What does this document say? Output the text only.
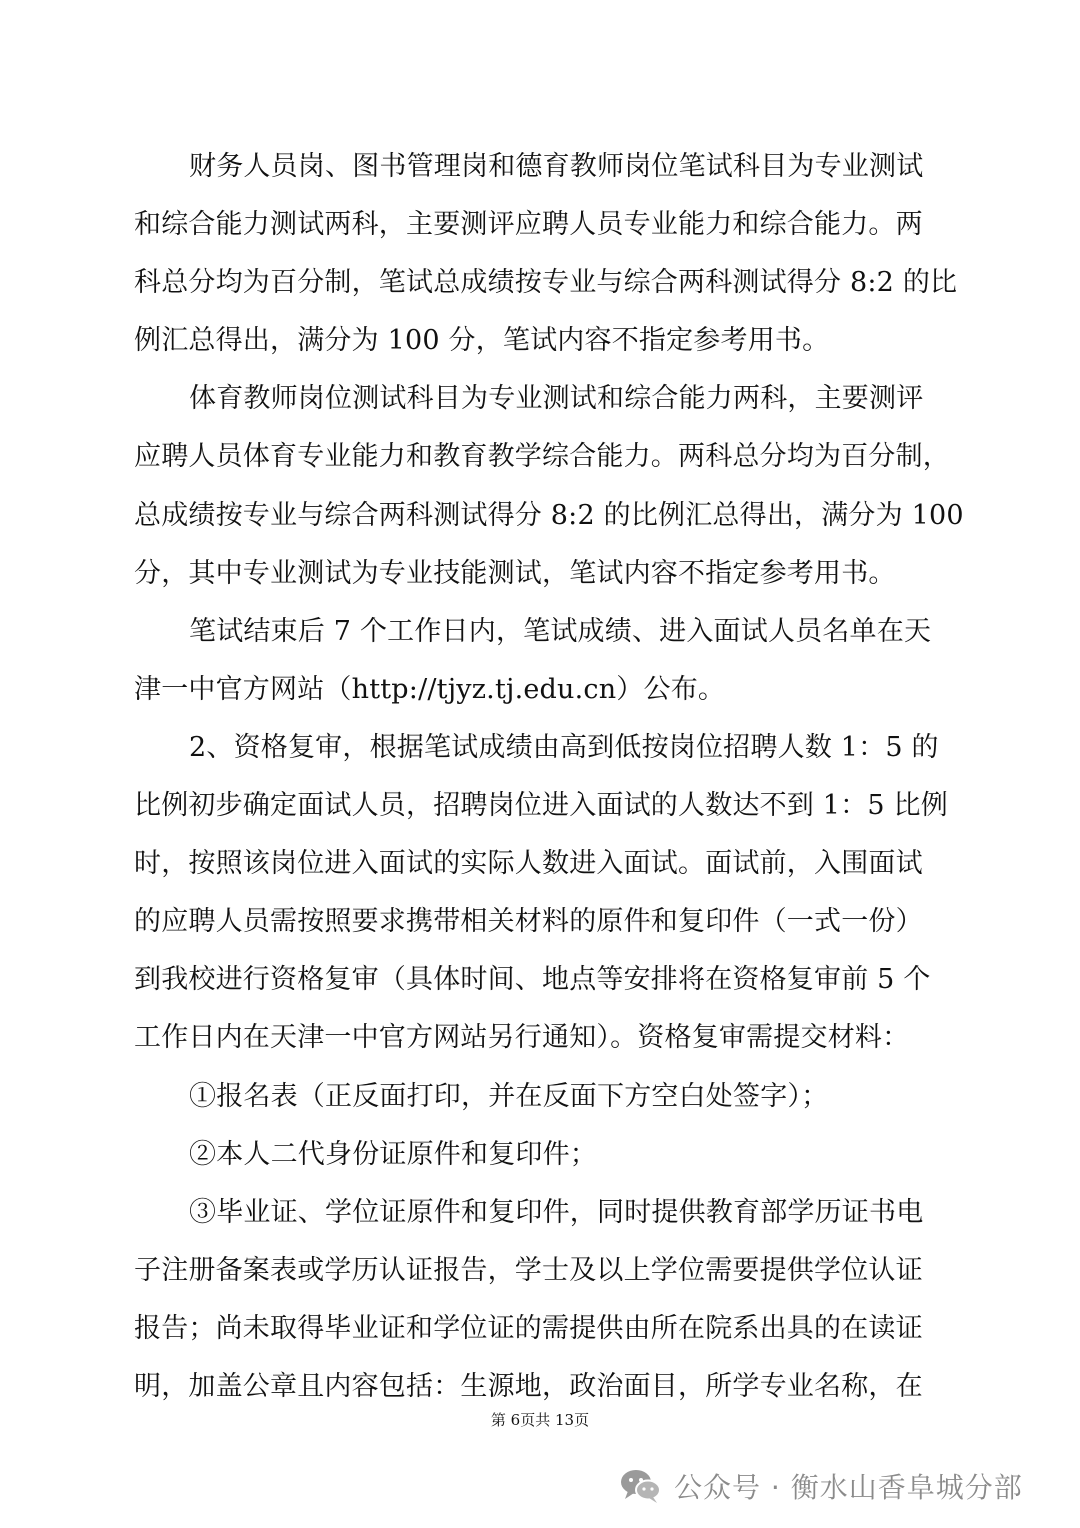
财务人员岗、图书管理岗和德育教师岗位笔试科目为专业测试
和综合能力测试两科，主要测评应聘人员专业能力和综合能力。两
科总分均为百分制，笔试总成绩按专业与综合两科测试得分 8:2 的比
例汇总得出，满分为 100 分，笔试内容不指定参考用书。
体育教师岗位测试科目为专业测试和综合能力两科，主要测评
应聘人员体育专业能力和教育教学综合能力。两科总分均为百分制，
总成绩按专业与综合两科测试得分 8:2 的比例汇总得出，满分为 100
分，其中专业测试为专业技能测试，笔试内容不指定参考用书。
笔试结束后 7 个工作日内，笔试成绩、进入面试人员名单在天
津一中官方网站（http://tjyz.tj.edu.cn）公布。
2、资格复审，根据笔试成绩由高到低按岗位招聘人数 1：5 的
比例初步确定面试人员，招聘岗位进入面试的人数达不到 1：5 比例
时，按照该岗位进入面试的实际人数进入面试。面试前，入围面试
的应聘人员需按照要求携带相关材料的原件和复印件（一式一份）
到我校进行资格复审（具体时间、地点等安排将在资格复审前 5 个
工作日内在天津一中官方网站另行通知）。资格复审需提交材料：
①报名表（正反面打印，并在反面下方空白处签字）；
②本人二代身份证原件和复印件；
③毕业证、学位证原件和复印件，同时提供教育部学历证书电
子注册备案表或学历认证报告，学士及以上学位需要提供学位认证
报告；尚未取得毕业证和学位证的需提供由所在院系出具的在读证
明，加盖公章且内容包括：生源地，政治面目，所学专业名称，在
第 6页共 13页
公众号 · 衡水山香阜城分部
